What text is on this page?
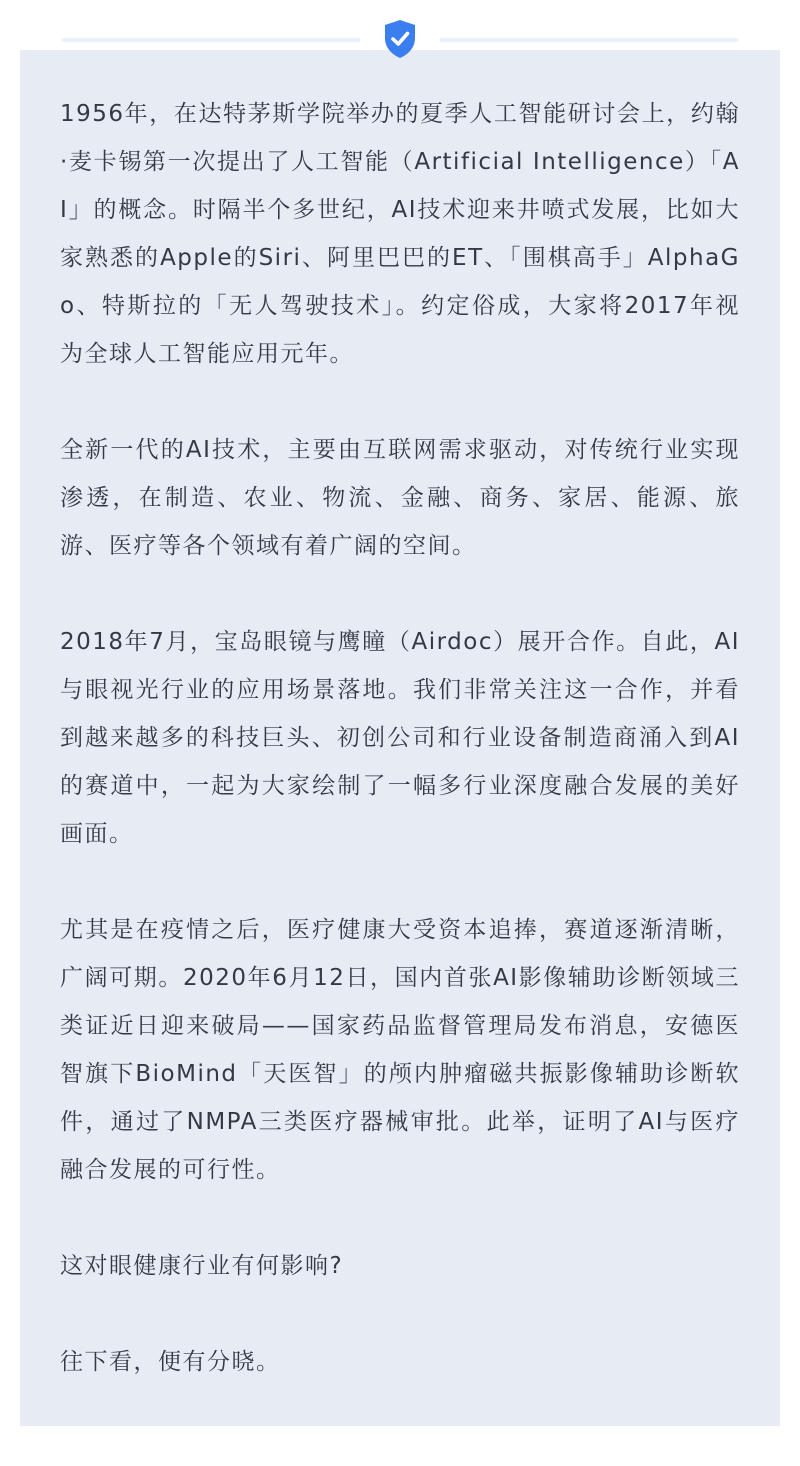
1956年，在达特茅斯学院举办的夏季人工智能研讨会上，约翰·麦卡锡第一次提出了人工智能（Artificial Intelligence）「AI」的概念。时隔半个多世纪，AI技术迎来井喷式发展，比如大家熟悉的Apple的Siri、阿里巴巴的ET、「围棋高手」AlphaGo、特斯拉的「无人驾驶技术」。约定俗成，大家将2017年视为全球人工智能应用元年。

全新一代的AI技术，主要由互联网需求驱动，对传统行业实现渗透，在制造、农业、物流、金融、商务、家居、能源、旅游、医疗等各个领域有着广阔的空间。

2018年7月，宝岛眼镜与鹰瞳（Airdoc）展开合作。自此，AI与眼视光行业的应用场景落地。我们非常关注这一合作，并看到越来越多的科技巨头、初创公司和行业设备制造商涌入到AI的赛道中，一起为大家绘制了一幅多行业深度融合发展的美好画面。

尤其是在疫情之后，医疗健康大受资本追捧，赛道逐渐清晰，广阔可期。2020年6月12日，国内首张AI影像辅助诊断领域三类证近日迎来破局——国家药品监督管理局发布消息，安德医智旗下BioMind「天医智」的颅内肿瘤磁共振影像辅助诊断软件，通过了NMPA三类医疗器械审批。此举，证明了AI与医疗融合发展的可行性。

这对眼健康行业有何影响?

往下看，便有分晓。
